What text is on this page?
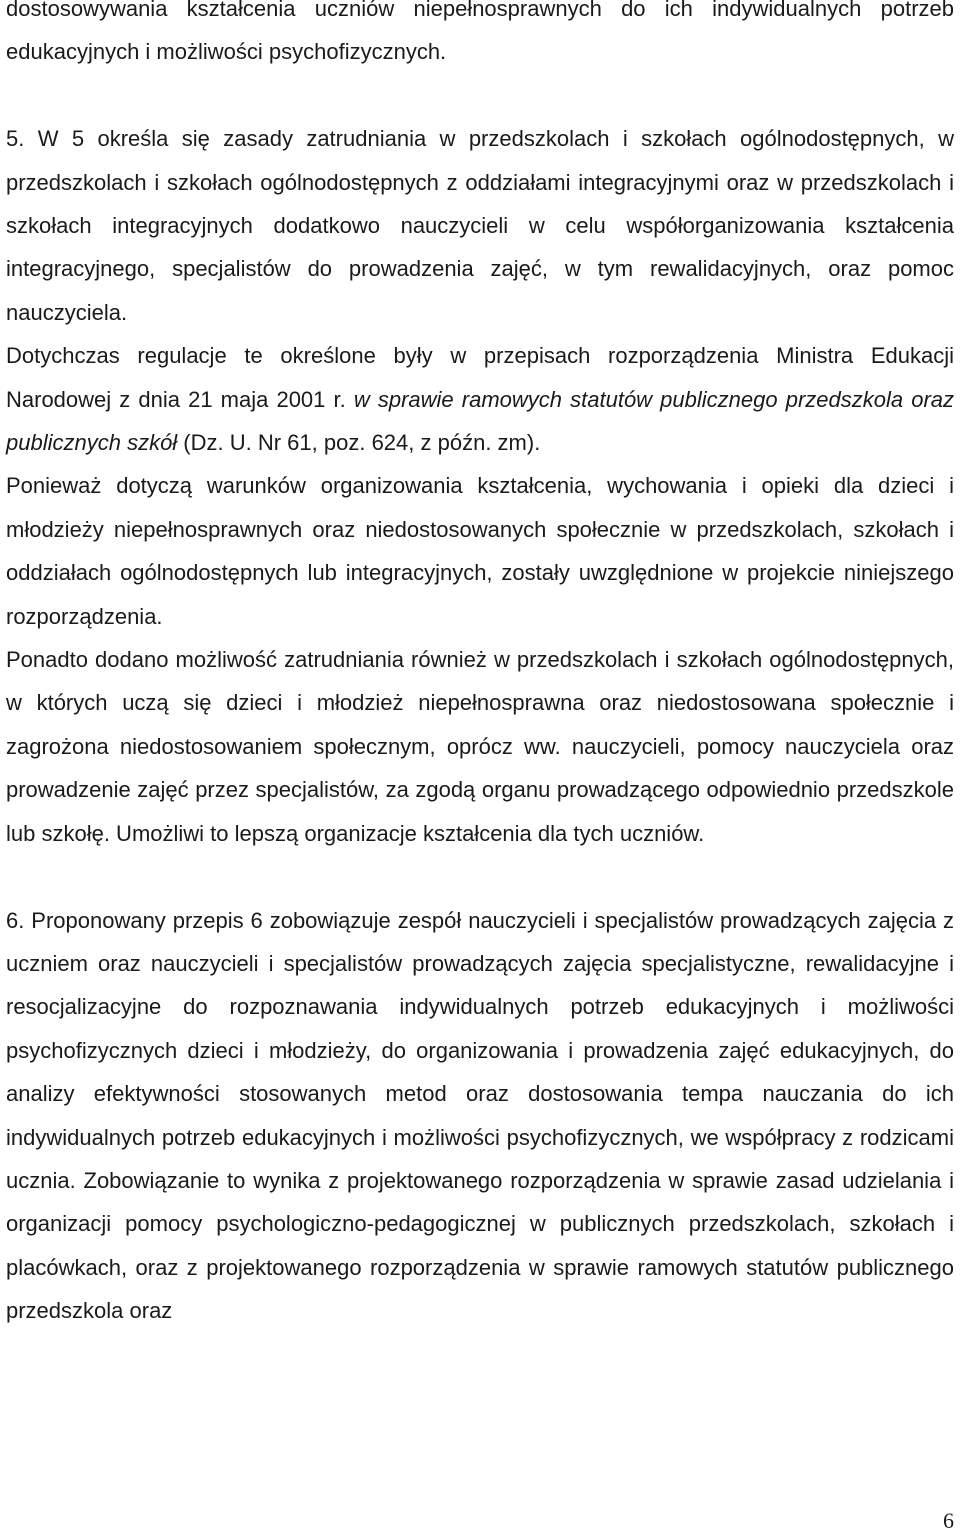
dostosowywania kształcenia uczniów niepełnosprawnych do ich indywidualnych potrzeb edukacyjnych i możliwości psychofizycznych.

5. W 5 określa się zasady zatrudniania w przedszkolach i szkołach ogólnodostępnych, w przedszkolach i szkołach ogólnodostępnych z oddziałami integracyjnymi oraz w przedszkolach i szkołach integracyjnych dodatkowo nauczycieli w celu współorganizowania kształcenia integracyjnego, specjalistów do prowadzenia zajęć, w tym rewalidacyjnych, oraz pomoc nauczyciela.

Dotychczas regulacje te określone były w przepisach rozporządzenia Ministra Edukacji Narodowej z dnia 21 maja 2001 r. w sprawie ramowych statutów publicznego przedszkola oraz publicznych szkół (Dz. U. Nr 61, poz. 624, z późn. zm).

Ponieważ dotyczą warunków organizowania kształcenia, wychowania i opieki dla dzieci i młodzieży niepełnosprawnych oraz niedostosowanych społecznie w przedszkolach, szkołach i oddziałach ogólnodostępnych lub integracyjnych, zostały uwzględnione w projekcie niniejszego rozporządzenia.

Ponadto dodano możliwość zatrudniania również w przedszkolach i szkołach ogólnodostępnych, w których uczą się dzieci i młodzież niepełnosprawna oraz niedostosowana społecznie i zagrożona niedostosowaniem społecznym, oprócz ww. nauczycieli, pomocy nauczyciela oraz prowadzenie zajęć przez specjalistów, za zgodą organu prowadzącego odpowiednio przedszkole lub szkołę. Umożliwi to lepszą organizacje kształcenia dla tych uczniów.

6. Proponowany przepis 6 zobowiązuje zespół nauczycieli i specjalistów prowadzących zajęcia z uczniem oraz nauczycieli i specjalistów prowadzących zajęcia specjalistyczne, rewalidacyjne i resocjalizacyjne do rozpoznawania indywidualnych potrzeb edukacyjnych i możliwości psychofizycznych dzieci i młodzieży, do organizowania i prowadzenia zajęć edukacyjnych, do analizy efektywności stosowanych metod oraz dostosowania tempa nauczania do ich indywidualnych potrzeb edukacyjnych i możliwości psychofizycznych, we współpracy z rodzicami ucznia. Zobowiązanie to wynika z projektowanego rozporządzenia w sprawie zasad udzielania i organizacji pomocy psychologiczno-pedagogicznej w publicznych przedszkolach, szkołach i placówkach, oraz z projektowanego rozporządzenia w sprawie ramowych statutów publicznego przedszkola oraz

6
